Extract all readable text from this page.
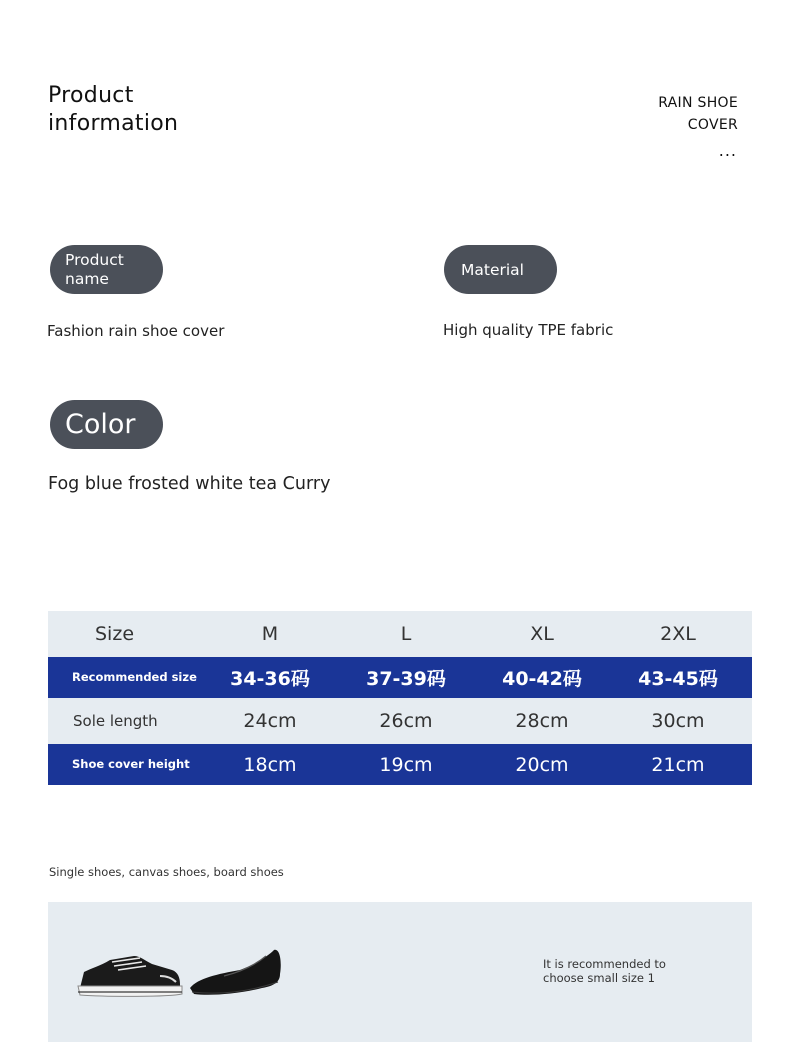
Product information
RAIN SHOE
COVER
...
Product name
Fashion rain shoe cover
Material
High quality TPE fabric
Color
Fog blue frosted white tea Curry
Size	M	L	XL	2XL
Recommended size	34-36码	37-39码	40-42码	43-45码
Sole length	24cm	26cm	28cm	30cm
Shoe cover height	18cm	19cm	20cm	21cm
Single shoes, canvas shoes, board shoes
It is recommended to choose small size 1
